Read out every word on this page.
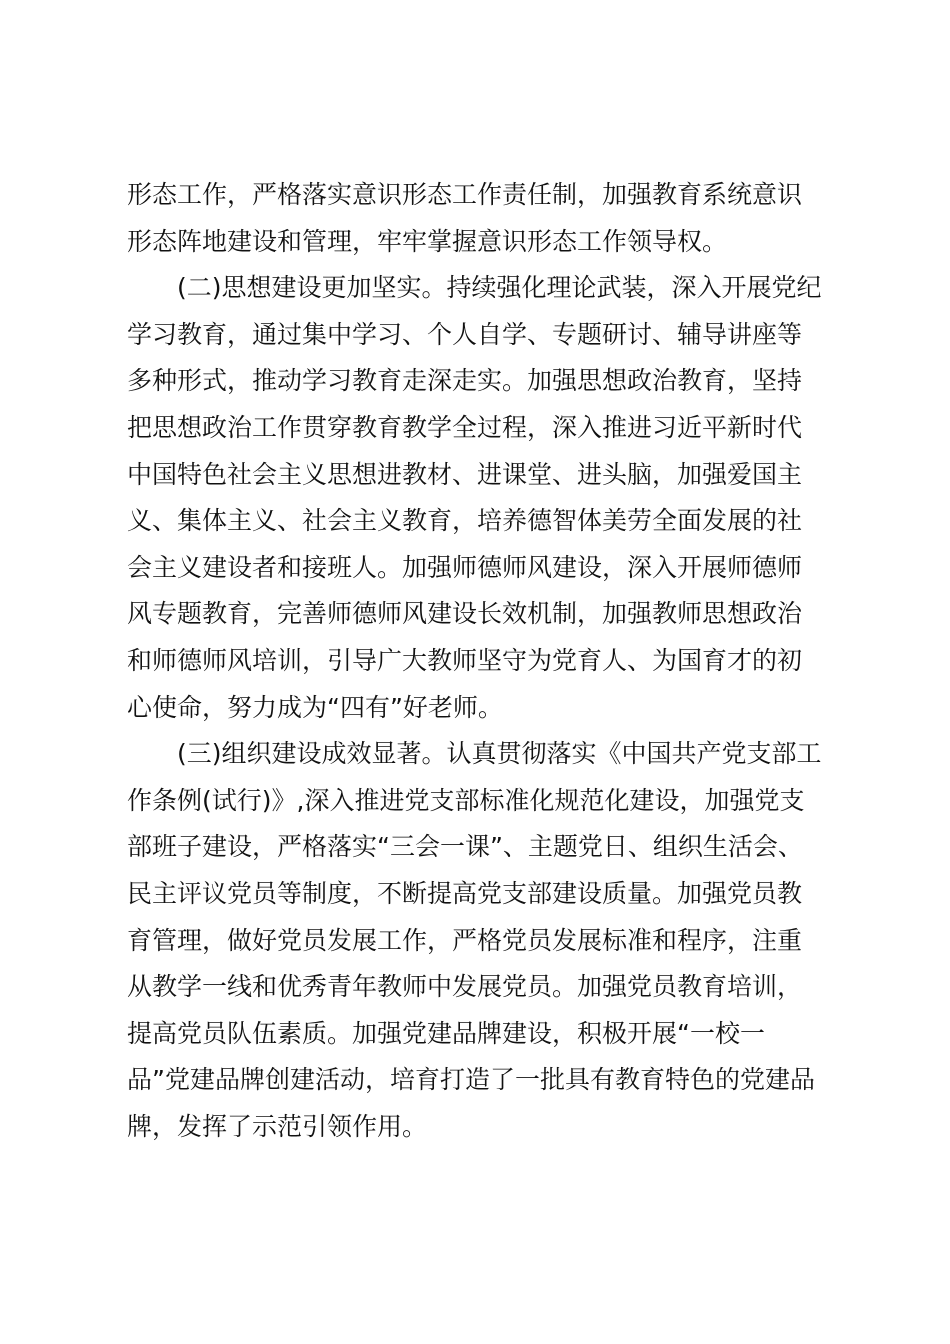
形态工作，严格落实意识形态工作责任制，加强教育系统意识
形态阵地建设和管理，牢牢掌握意识形态工作领导权。
(二)思想建设更加坚实。持续强化理论武装，深入开展党纪
学习教育，通过集中学习、个人自学、专题研讨、辅导讲座等
多种形式，推动学习教育走深走实。加强思想政治教育，坚持
把思想政治工作贯穿教育教学全过程，深入推进习近平新时代
中国特色社会主义思想进教材、进课堂、进头脑，加强爱国主
义、集体主义、社会主义教育，培养德智体美劳全面发展的社
会主义建设者和接班人。加强师德师风建设，深入开展师德师
风专题教育，完善师德师风建设长效机制，加强教师思想政治
和师德师风培训，引导广大教师坚守为党育人、为国育才的初
心使命，努力成为“四有”好老师。
(三)组织建设成效显著。认真贯彻落实《中国共产党支部工
作条例(试行)》,深入推进党支部标准化规范化建设，加强党支
部班子建设，严格落实“三会一课”、主题党日、组织生活会、
民主评议党员等制度，不断提高党支部建设质量。加强党员教
育管理，做好党员发展工作，严格党员发展标准和程序，注重
从教学一线和优秀青年教师中发展党员。加强党员教育培训，
提高党员队伍素质。加强党建品牌建设，积极开展“一校一
品”党建品牌创建活动，培育打造了一批具有教育特色的党建品
牌，发挥了示范引领作用。
